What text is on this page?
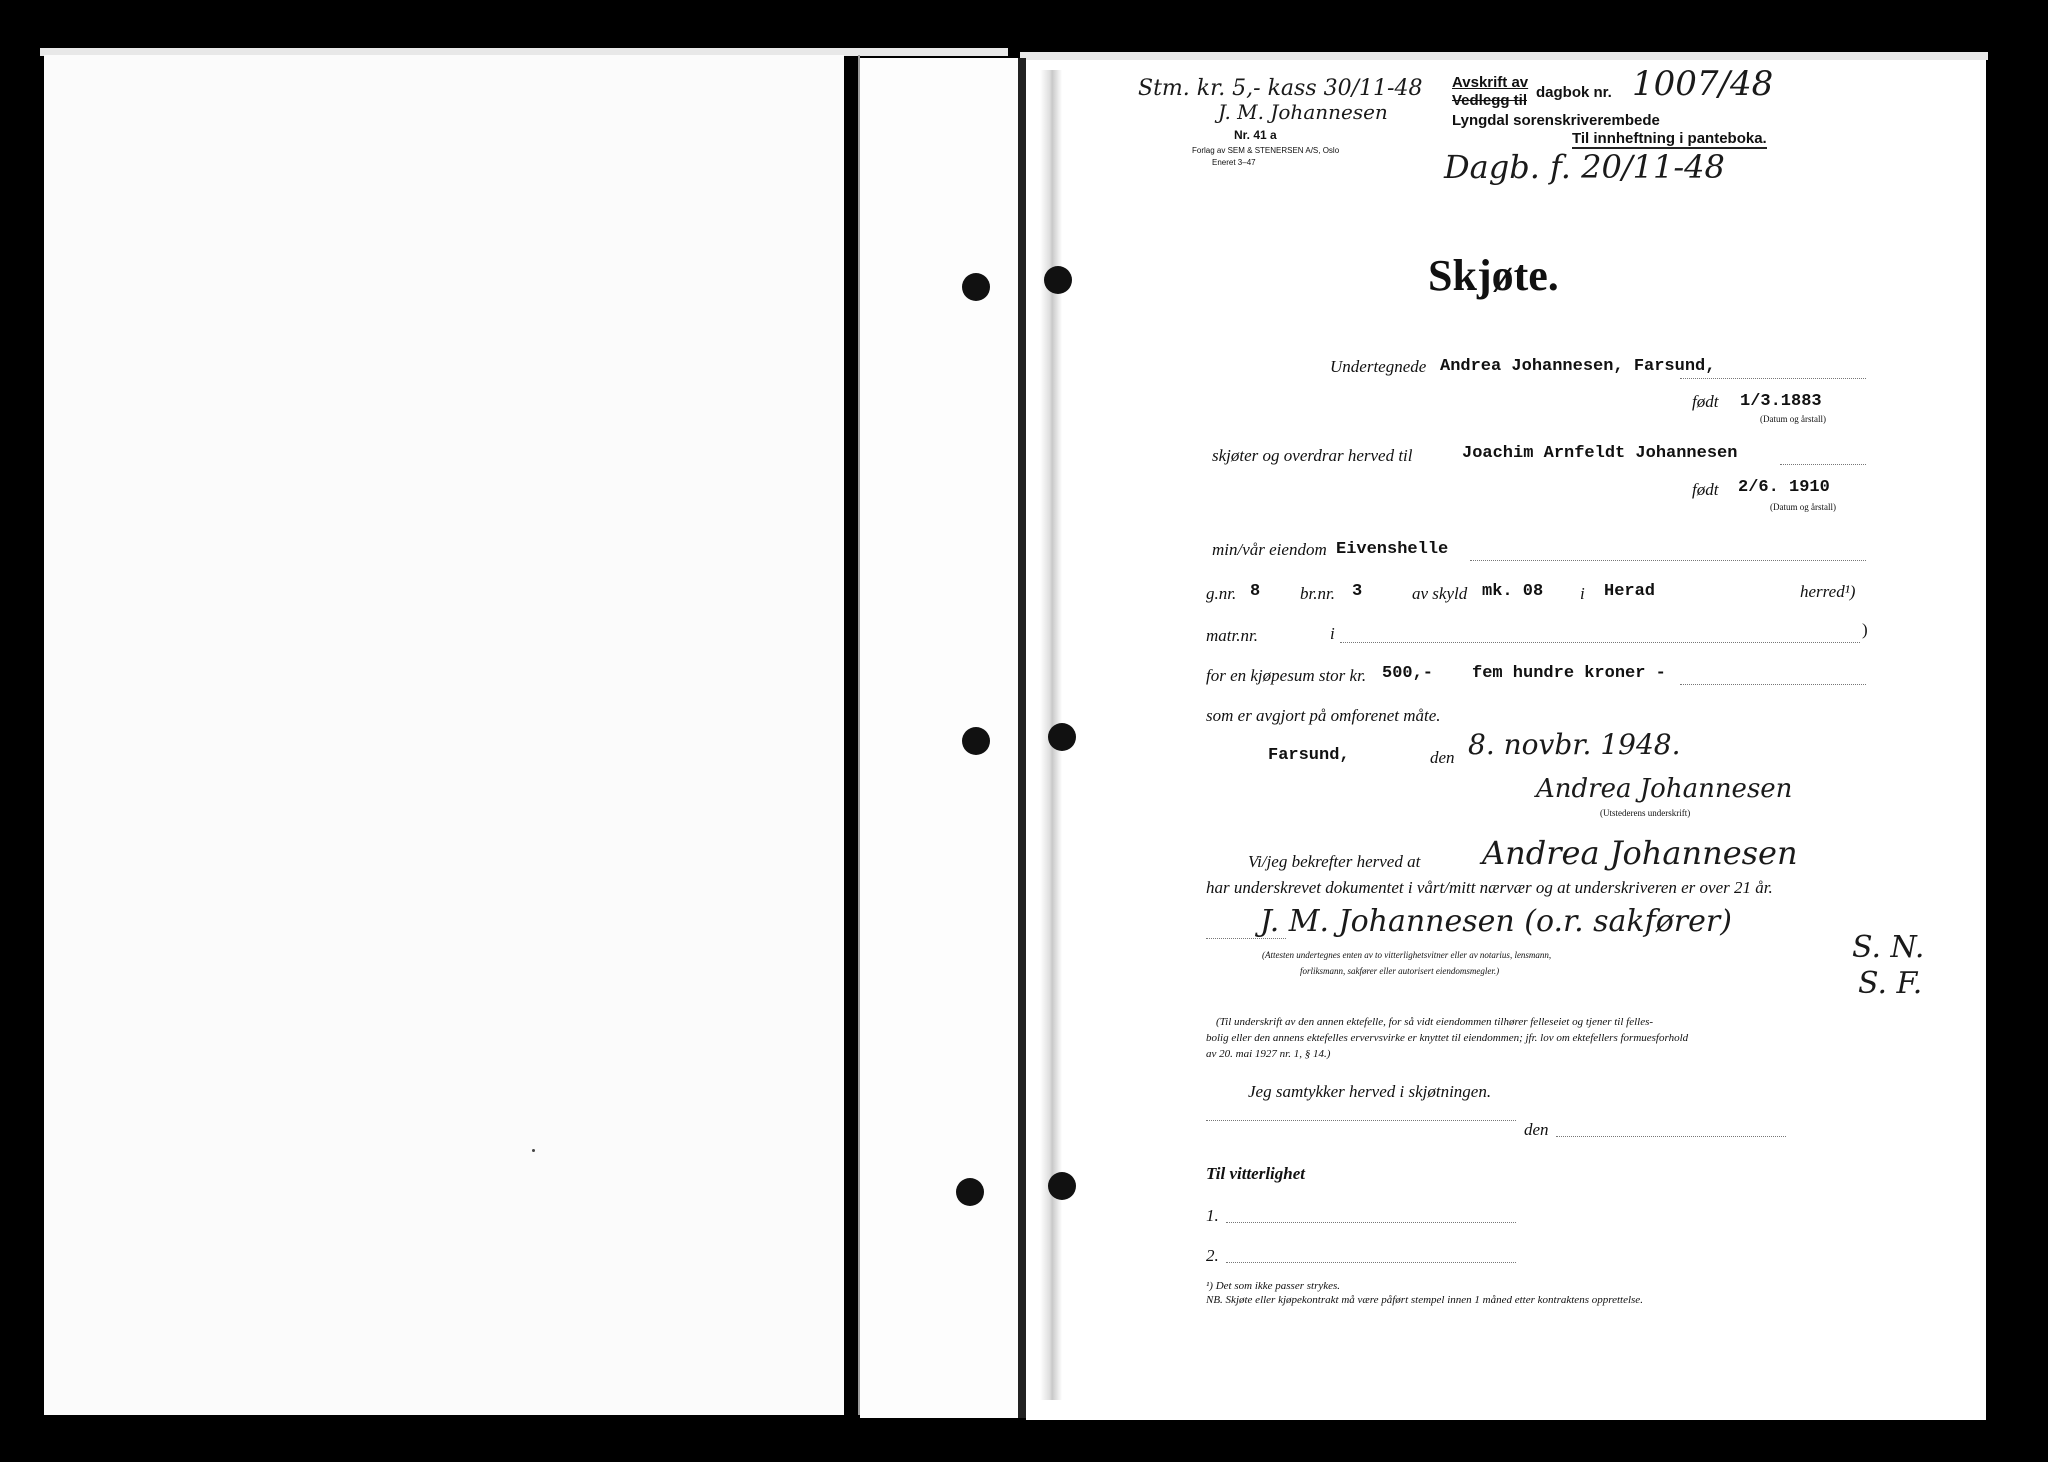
Stm. kr. 5,- kass 30/11-48
J. M. Johannesen
Nr. 41 a
Forlag av SEM & STENERSEN A/S, Oslo
Eneret 3–47
Avskrift av
Vedlegg til dagbok nr. 1007/48
Lyngdal sorenskriverembede
Til innheftning i panteboka.
Dagb. f. 20/11-48
Skjøte.
Undertegnede Andrea Johannesen, Farsund,
født 1/3.1883
(Datum og årstall)
skjøter og overdrar herved til	Joachim Arnfeldt Johannesen
født 2/6. 1910
(Datum og årstall)
min/vår eiendom Eivenshelle
g.nr. 8 br.nr. 3	av skyld mk. 08 i Herad	herred¹)
matr.nr.	i	)
for en kjøpesum stor kr. 500,- fem hundre kroner -
som er avgjort på omforenet måte.
Farsund,	den 8. novbr. 1948.
Andrea Johannesen
(Utstederens underskrift)
Vi/jeg bekrefter herved at Andrea Johannesen
har underskrevet dokumentet i vårt/mitt nærvær og at underskriveren er over 21 år.
J. M. Johannesen (o.r. sakfører)
(Attesten undertegnes enten av to vitterlighetsvitner eller av notarius, lensmann,
forliksmann, sakfører eller autorisert eiendomsmegler.)
S. N.
S. F.
(Til underskrift av den annen ektefelle, for så vidt eiendommen tilhører felleseiet og tjener til felles-
bolig eller den annens ektefelles ervervsvirke er knyttet til eiendommen; jfr. lov om ektefellers formuesforhold
av 20. mai 1927 nr. 1, § 14.)
Jeg samtykker herved i skjøtningen.
den
Til vitterlighet
1.
2.
¹) Det som ikke passer strykes.
NB. Skjøte eller kjøpekontrakt må være påført stempel innen 1 måned etter kontraktens opprettelse.
